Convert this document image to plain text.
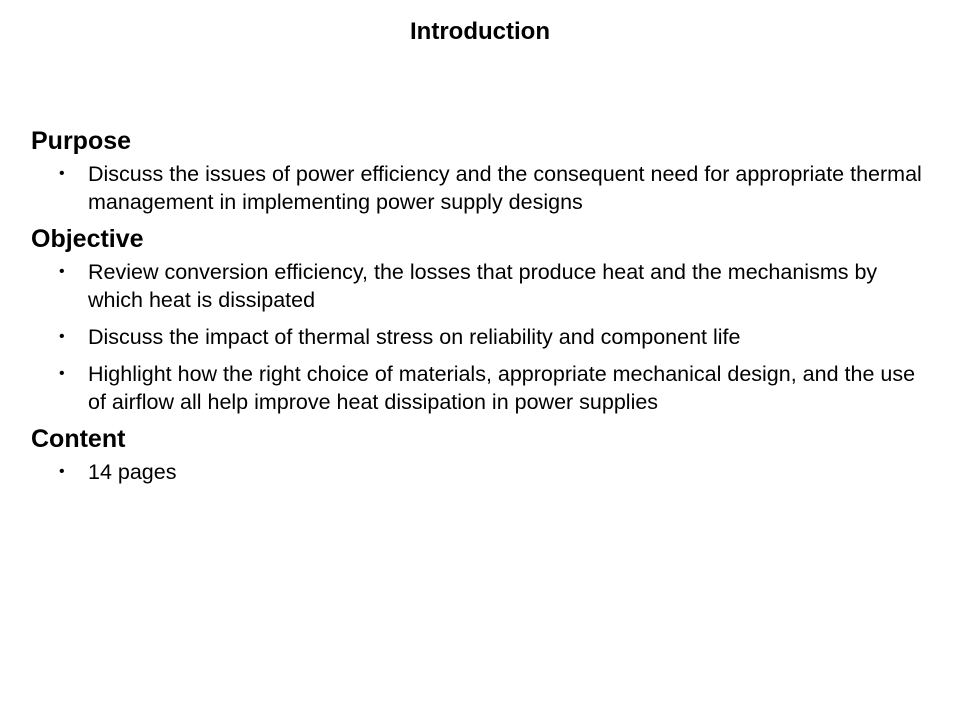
Introduction
Purpose
• Discuss the issues of power efficiency and the consequent need for appropriate thermal management in implementing power supply designs
Objective
• Review conversion efficiency, the losses that produce heat and the mechanisms by which heat is dissipated
• Discuss the impact of thermal stress on reliability and component life
• Highlight how the right choice of materials, appropriate mechanical design, and the use of airflow all help improve heat dissipation in power supplies
Content
• 14 pages
